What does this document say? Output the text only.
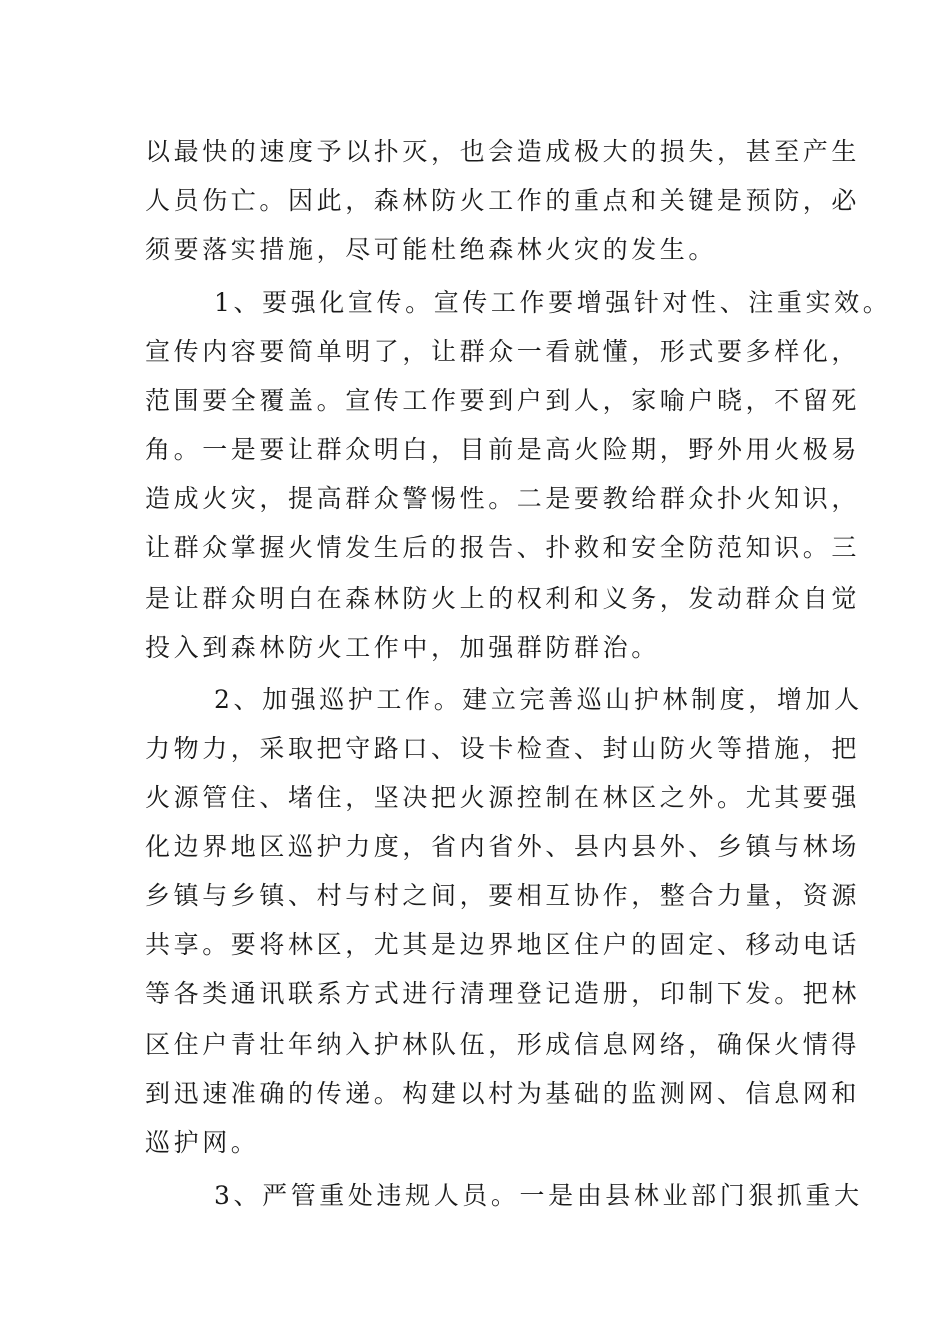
以最快的速度予以扑灭，也会造成极大的损失，甚至产生
人员伤亡。因此，森林防火工作的重点和关键是预防，必
须要落实措施，尽可能杜绝森林火灾的发生。
1、要强化宣传。宣传工作要增强针对性、注重实效。
宣传内容要简单明了，让群众一看就懂，形式要多样化，
范围要全覆盖。宣传工作要到户到人，家喻户晓，不留死
角。一是要让群众明白，目前是高火险期，野外用火极易
造成火灾，提高群众警惕性。二是要教给群众扑火知识，
让群众掌握火情发生后的报告、扑救和安全防范知识。三
是让群众明白在森林防火上的权利和义务，发动群众自觉
投入到森林防火工作中，加强群防群治。
2、加强巡护工作。建立完善巡山护林制度，增加人
力物力，采取把守路口、设卡检查、封山防火等措施，把
火源管住、堵住，坚决把火源控制在林区之外。尤其要强
化边界地区巡护力度，省内省外、县内县外、乡镇与林场
乡镇与乡镇、村与村之间，要相互协作，整合力量，资源
共享。要将林区，尤其是边界地区住户的固定、移动电话
等各类通讯联系方式进行清理登记造册，印制下发。把林
区住户青壮年纳入护林队伍，形成信息网络，确保火情得
到迅速准确的传递。构建以村为基础的监测网、信息网和
巡护网。
3、严管重处违规人员。一是由县林业部门狠抓重大
